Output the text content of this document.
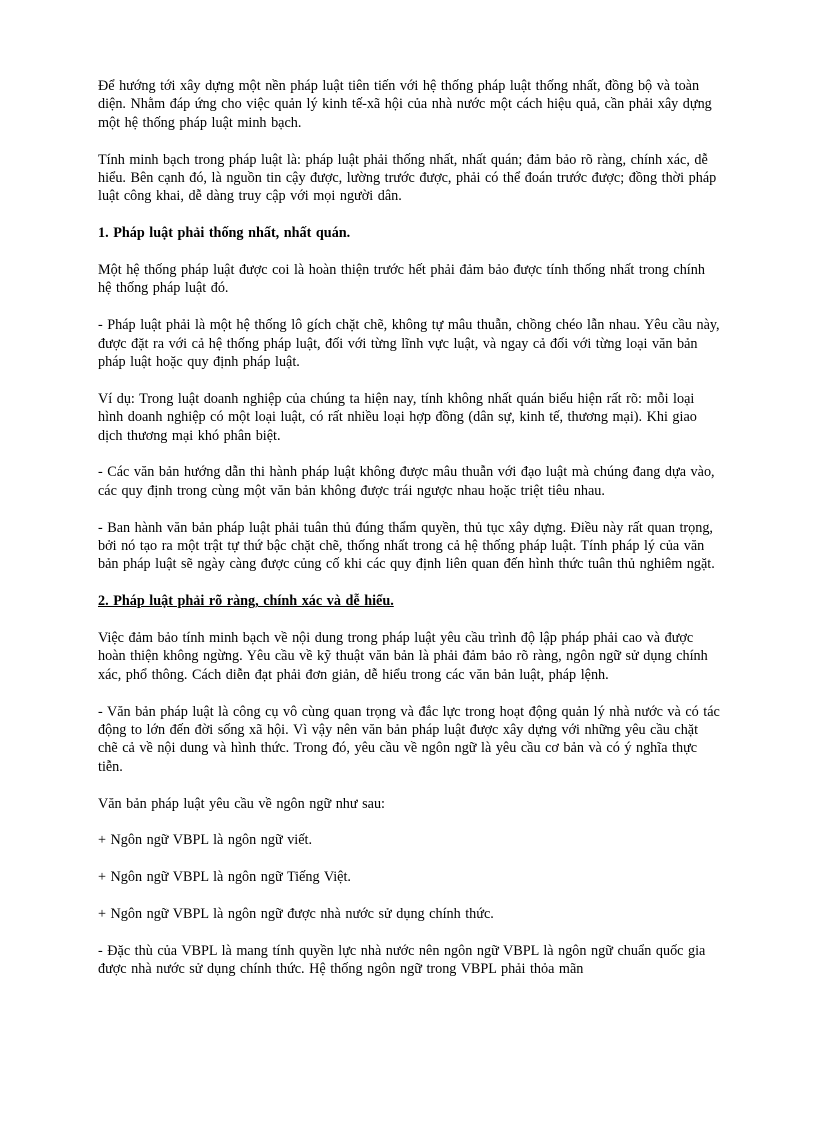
Để hướng tới xây dựng một nền pháp luật tiên tiến với hệ thống pháp luật thống nhất, đồng bộ và toàn diện. Nhằm đáp ứng cho việc quản lý kinh tế-xã hội của nhà nước một cách hiệu quả, cần phải xây dựng một hệ thống pháp luật minh bạch.

Tính minh bạch trong pháp luật là: pháp luật phải thống nhất, nhất quán; đảm bảo rõ ràng, chính xác, dễ hiểu. Bên cạnh đó, là nguồn tin cậy được, lường trước được, phải có thể đoán trước được; đồng thời pháp luật công khai, dễ dàng truy cập với mọi người dân.

1. Pháp luật phải thống nhất, nhất quán.

Một hệ thống pháp luật được coi là hoàn thiện trước hết phải đảm bảo được tính thống nhất trong chính hệ thống pháp luật đó.

- Pháp luật phải là một hệ thống lô gích chặt chẽ, không tự mâu thuẫn, chồng chéo lẫn nhau. Yêu cầu này, được đặt ra với cả hệ thống pháp luật, đối với từng lĩnh vực luật, và ngay cả đối với từng loại văn bản pháp luật hoặc quy định pháp luật.

Ví dụ: Trong luật doanh nghiệp của chúng ta hiện nay, tính không nhất quán biểu hiện rất rõ: mỗi loại hình doanh nghiệp có một loại luật, có rất nhiều loại hợp đồng (dân sự, kinh tế, thương mại). Khi giao dịch thương mại khó phân biệt.

- Các văn bản hướng dẫn thi hành pháp luật không được mâu thuẫn với đạo luật mà chúng đang dựa vào, các quy định trong cùng một văn bản không được trái ngược nhau hoặc triệt tiêu nhau.

- Ban hành văn bản pháp luật phải tuân thủ đúng thẩm quyền, thủ tục xây dựng. Điều này rất quan trọng, bởi nó tạo ra một trật tự thứ bậc chặt chẽ, thống nhất trong cả hệ thống pháp luật. Tính pháp lý của văn bản pháp luật sẽ ngày càng được củng cố khi các quy định liên quan đến hình thức tuân thủ nghiêm ngặt.

2. Pháp luật phải rõ ràng, chính xác và dễ hiểu.

Việc đảm bảo tính minh bạch về nội dung trong pháp luật yêu cầu trình độ lập pháp phải cao và được hoàn thiện không ngừng. Yêu cầu về kỹ thuật văn bản là phải đảm bảo rõ ràng, ngôn ngữ sử dụng chính xác, phổ thông. Cách diễn đạt phải đơn giản, dễ hiểu trong các văn bản luật, pháp lệnh.

- Văn bản pháp luật là công cụ vô cùng quan trọng và đắc lực trong hoạt động quản lý nhà nước và có tác động to lớn đến đời sống xã hội. Vì vậy nên văn bản pháp luật được xây dựng với những yêu cầu chặt chẽ cả về nội dung và hình thức. Trong đó, yêu cầu về ngôn ngữ là yêu cầu cơ bản và có ý nghĩa thực tiễn.

Văn bản pháp luật yêu cầu về ngôn ngữ như sau:

+ Ngôn ngữ VBPL là ngôn ngữ viết.

+ Ngôn ngữ VBPL là ngôn ngữ Tiếng Việt.

+ Ngôn ngữ VBPL là ngôn ngữ được nhà nước sử dụng chính thức.

- Đặc thù của VBPL là mang tính quyền lực nhà nước nên ngôn ngữ VBPL là ngôn ngữ chuẩn quốc gia được nhà nước sử dụng chính thức. Hệ thống ngôn ngữ trong VBPL phải thỏa mãn
